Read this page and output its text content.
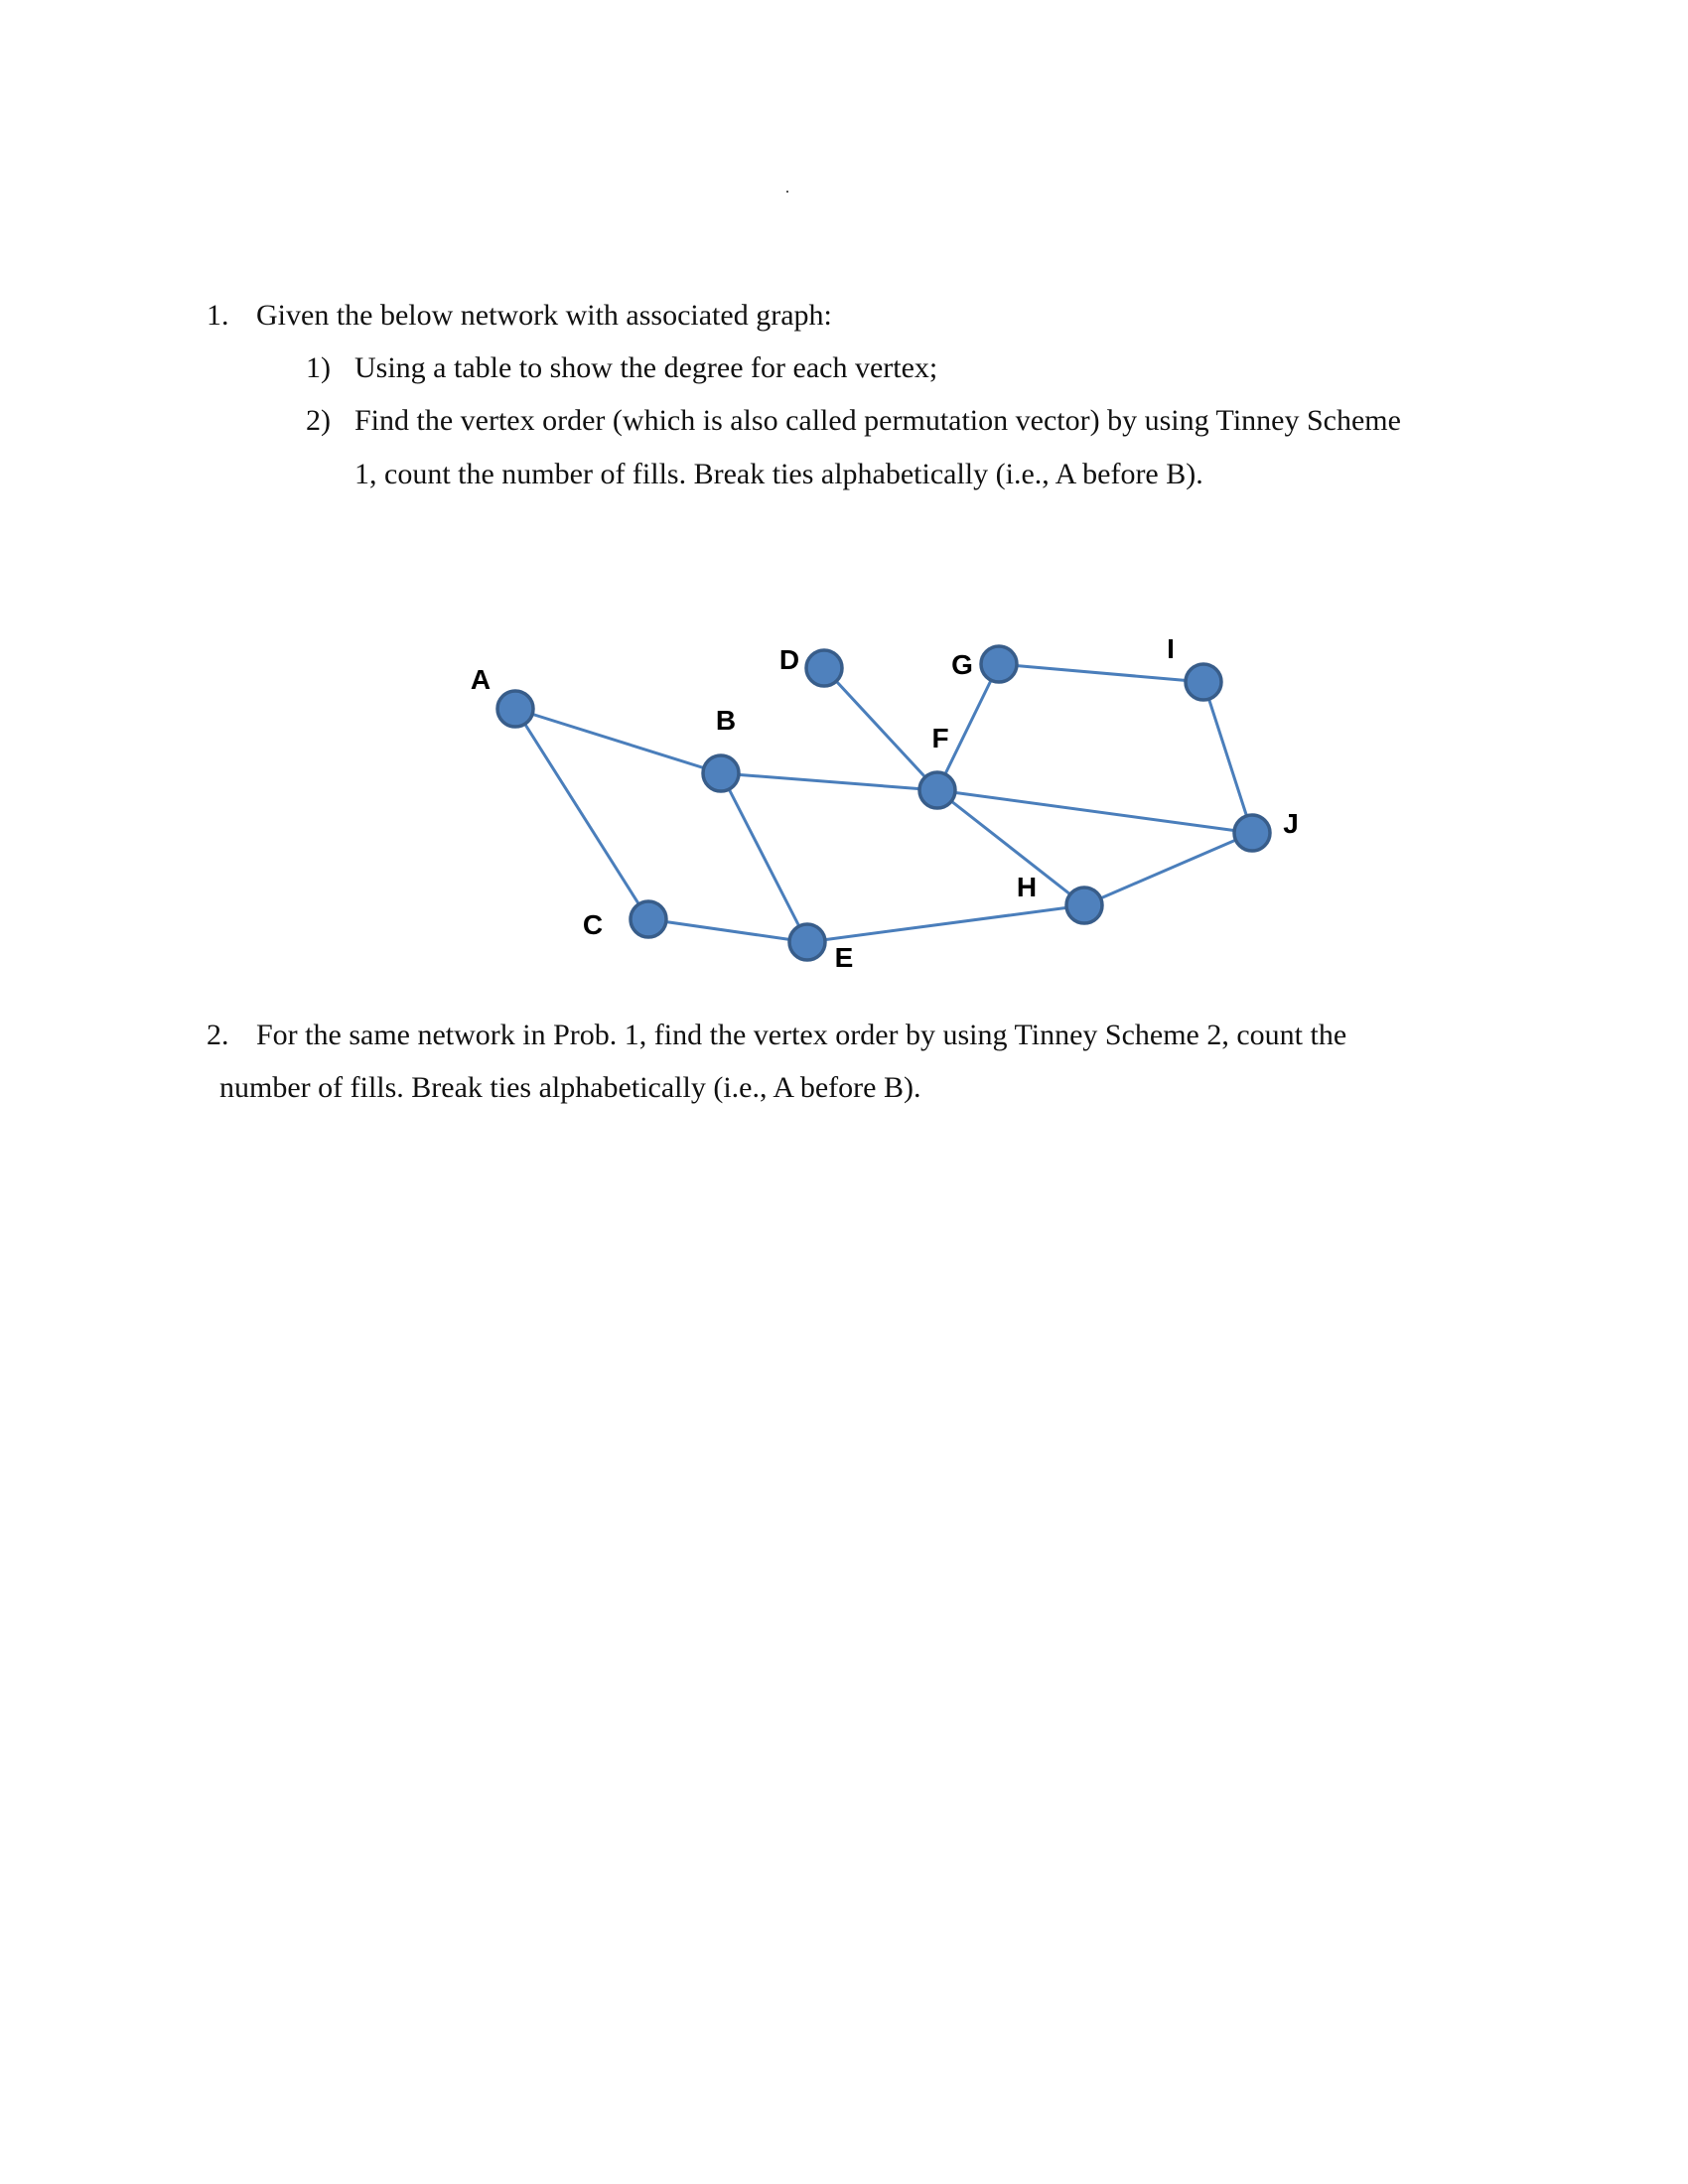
1. Given the below network with associated graph:
1) Using a table to show the degree for each vertex;
2) Find the vertex order (which is also called permutation vector) by using Tinney Scheme
1, count the number of fills. Break ties alphabetically (i.e., A before B).
A
B
C
D
E
F
G
H
I
J
2. For the same network in Prob. 1, find the vertex order by using Tinney Scheme 2, count the
number of fills. Break ties alphabetically (i.e., A before B).
